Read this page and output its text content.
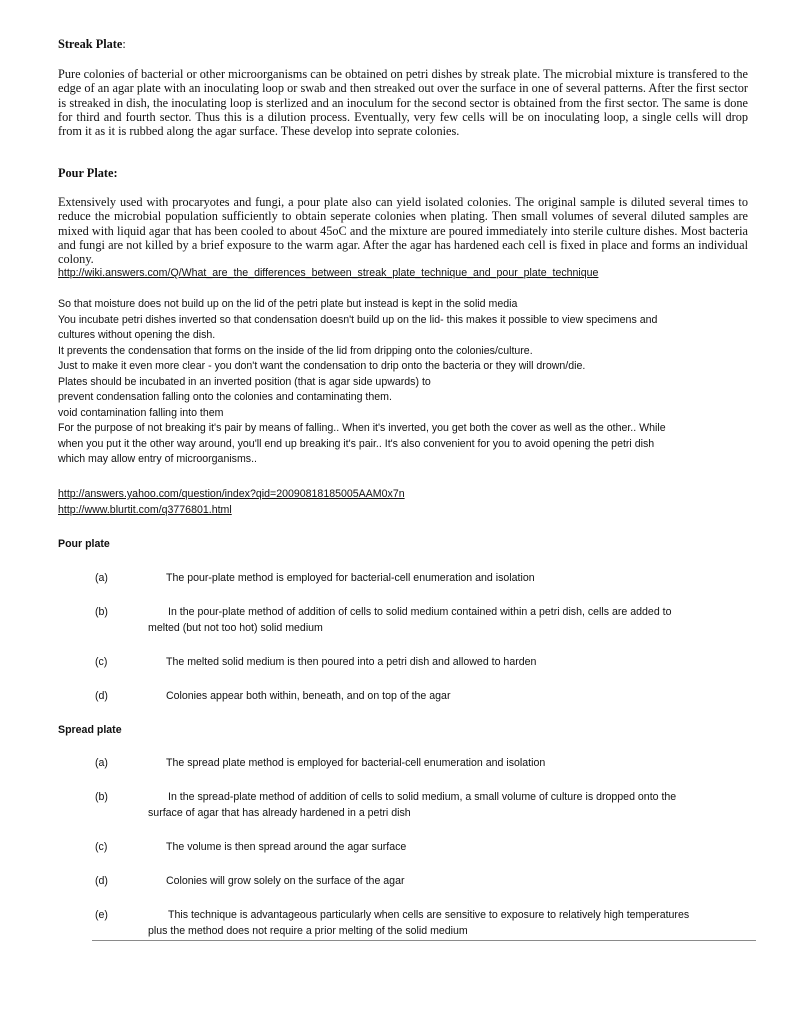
Streak Plate:

Pure colonies of bacterial or other microorganisms can be obtained on petri dishes by streak plate. The microbial mixture is transfered to the edge of an agar plate with an inoculating loop or swab and then streaked out over the surface in one of several patterns. After the first sector is streaked in dish, the inoculating loop is sterlized and an inoculum for the second sector is obtained from the first sector. The same is done for third and fourth sector. Thus this is a dilution process. Eventually, very few cells will be on inoculating loop, a single cells will drop from it as it is rubbed along the agar surface. These develop into seprate colonies.

Pour Plate:

Extensively used with procaryotes and fungi, a pour plate also can yield isolated colonies. The original sample is diluted several times to reduce the microbial population sufficiently to obtain seperate colonies when plating. Then small volumes of several diluted samples are mixed with liquid agar that has been cooled to about 45oC and the mixture are poured immediately into sterile culture dishes. Most bacteria and fungi are not killed by a brief exposure to the warm agar. After the agar has hardened each cell is fixed in place and forms an individual colony.

http://wiki.answers.com/Q/What_are_the_differences_between_streak_plate_technique_and_pour_plate_technique
So that moisture does not build up on the lid of the petri plate but instead is kept in the solid media
You incubate petri dishes inverted so that condensation doesn't build up on the lid- this makes it possible to view specimens and
cultures without opening the dish.
It prevents the condensation that forms on the inside of the lid from dripping onto the colonies/culture.
Just to make it even more clear - you don't want the condensation to drip onto the bacteria or they will drown/die.
Plates should be incubated in an inverted position (that is agar side upwards) to
prevent condensation falling onto the colonies and contaminating them.
void contamination falling into them
For the purpose of not breaking it's pair by means of falling.. When it's inverted, you get both the cover as well as the other.. While
when you put it the other way around, you'll end up breaking it's pair.. It's also convenient for you to avoid opening the petri dish
which may allow entry of microorganisms..
http://answers.yahoo.com/question/index?qid=20090818185005AAM0x7n
http://www.blurtit.com/q3776801.html
Pour plate
(a)	The pour-plate method is employed for bacterial-cell enumeration and isolation
(b)	In the pour-plate method of addition of cells to solid medium contained within a petri dish, cells are added to
melted (but not too hot) solid medium
(c)	The melted solid medium is then poured into a petri dish and allowed to harden
(d)	Colonies appear both within, beneath, and on top of the agar
Spread plate
(a)	The spread plate method is employed for bacterial-cell enumeration and isolation
(b)	In the spread-plate method of addition of cells to solid medium, a small volume of culture is dropped onto the
surface of agar that has already hardened in a petri dish
(c)	The volume is then spread around the agar surface
(d)	Colonies will grow solely on the surface of the agar
(e)	This technique is advantageous particularly when cells are sensitive to exposure to relatively high temperatures
plus the method does not require a prior melting of the solid medium
